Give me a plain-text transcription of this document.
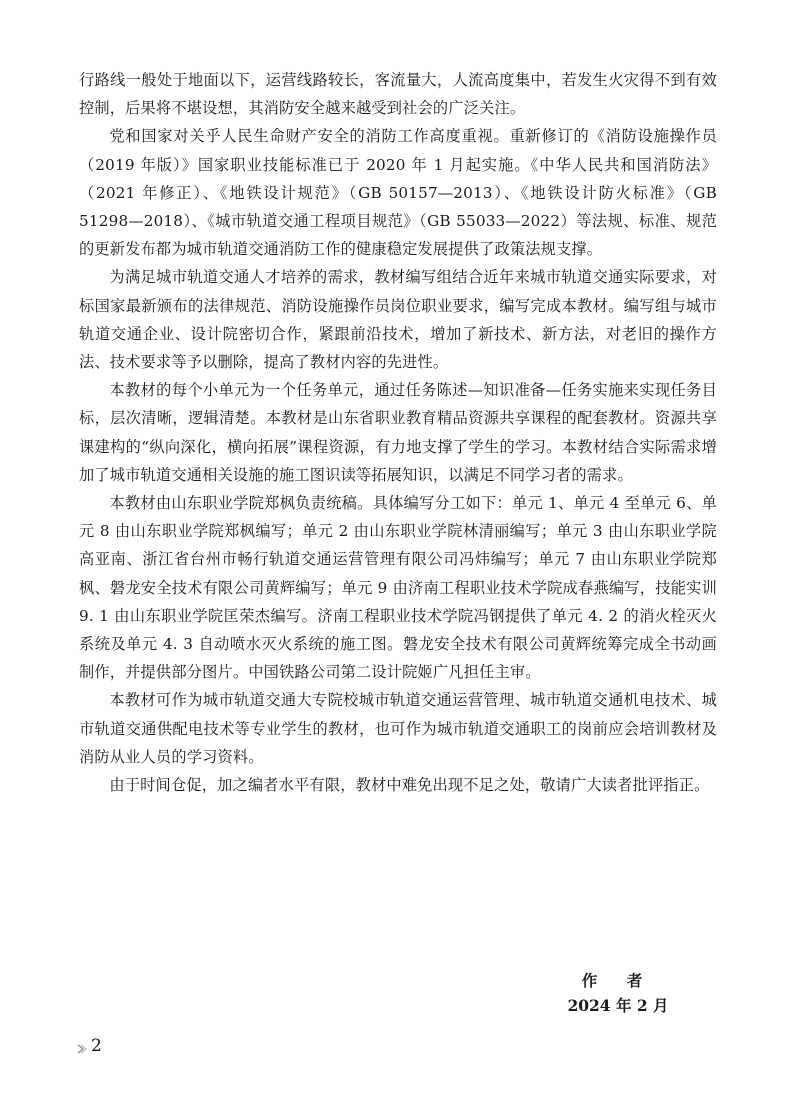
行路线一般处于地面以下，运营线路较长，客流量大，人流高度集中，若发生火灾得不到有效控制，后果将不堪设想，其消防安全越来越受到社会的广泛关注。

党和国家对关乎人民生命财产安全的消防工作高度重视。重新修订的《消防设施操作员（2019 年版）》国家职业技能标准已于 2020 年 1 月起实施。《中华人民共和国消防法》（2021 年修正）、《地铁设计规范》（GB 50157—2013）、《地铁设计防火标准》（GB 51298—2018）、《城市轨道交通工程项目规范》（GB 55033—2022）等法规、标准、规范的更新发布都为城市轨道交通消防工作的健康稳定发展提供了政策法规支撑。

为满足城市轨道交通人才培养的需求，教材编写组结合近年来城市轨道交通实际要求，对标国家最新颁布的法律规范、消防设施操作员岗位职业要求，编写完成本教材。编写组与城市轨道交通企业、设计院密切合作，紧跟前沿技术，增加了新技术、新方法，对老旧的操作方法、技术要求等予以删除，提高了教材内容的先进性。

本教材的每个小单元为一个任务单元，通过任务陈述—知识准备—任务实施来实现任务目标，层次清晰，逻辑清楚。本教材是山东省职业教育精品资源共享课程的配套教材。资源共享课建构的“纵向深化，横向拓展”课程资源，有力地支撑了学生的学习。本教材结合实际需求增加了城市轨道交通相关设施的施工图识读等拓展知识，以满足不同学习者的需求。

本教材由山东职业学院郑枫负责统稿。具体编写分工如下：单元 1、单元 4 至单元 6、单元 8 由山东职业学院郑枫编写；单元 2 由山东职业学院林清丽编写；单元 3 由山东职业学院高亚南、浙江省台州市畅行轨道交通运营管理有限公司冯炜编写；单元 7 由山东职业学院郑枫、磐龙安全技术有限公司黄辉编写；单元 9 由济南工程职业技术学院成春燕编写，技能实训 9. 1 由山东职业学院匡荣杰编写。济南工程职业技术学院冯钢提供了单元 4. 2 的消火栓灭火系统及单元 4. 3 自动喷水灭火系统的施工图。磐龙安全技术有限公司黄辉统筹完成全书动画制作，并提供部分图片。中国铁路公司第二设计院姬广凡担任主审。

本教材可作为城市轨道交通大专院校城市轨道交通运营管理、城市轨道交通机电技术、城市轨道交通供配电技术等专业学生的教材，也可作为城市轨道交通职工的岗前应会培训教材及消防从业人员的学习资料。

由于时间仓促，加之编者水平有限，教材中难免出现不足之处，敬请广大读者批评指正。

作 者
2024 年 2 月
2
